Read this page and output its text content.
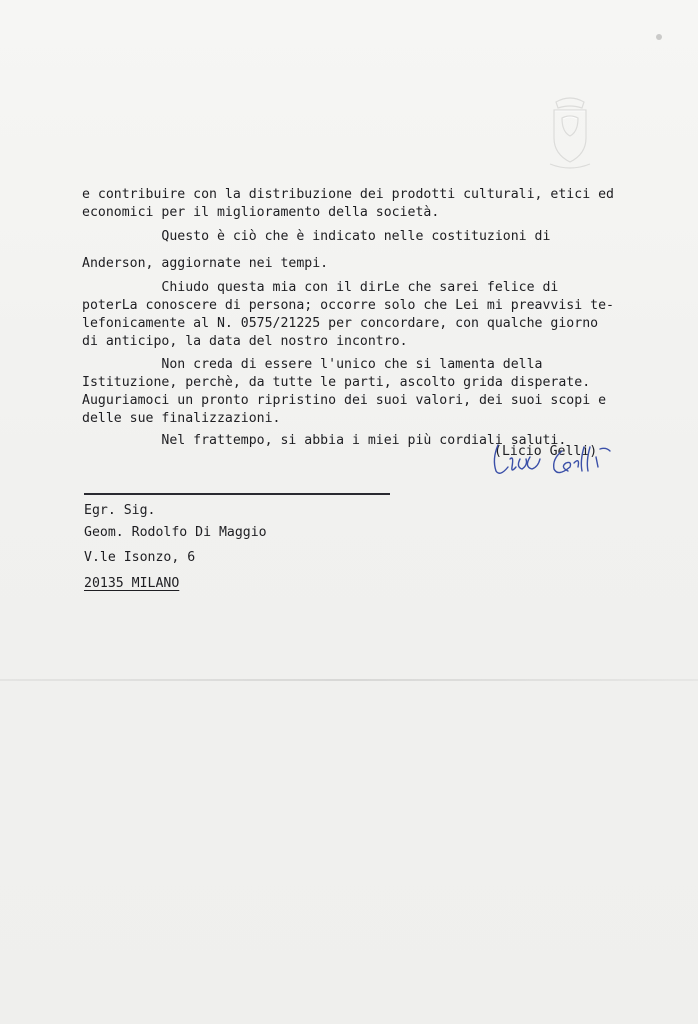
e contribuire con la distribuzione dei prodotti culturali, etici ed

economici per il miglioramento della società.

Questo è ciò che è indicato nelle costituzioni di

Anderson, aggiornate nei tempi.

Chiudo questa mia con il dirLe che sarei felice di

poterLa conoscere di persona; occorre solo che Lei mi preavvisi te-

lefonicamente al N. 0575/21225 per concordare, con qualche giorno

di anticipo, la data del nostro incontro.

Non creda di essere l'unico che si lamenta della

Istituzione, perchè, da tutte le parti, ascolto grida disperate.

Auguriamoci un pronto ripristino dei suoi valori, dei suoi scopi e

delle sue finalizzazioni.

Nel frattempo, si abbia i miei più cordiali saluti.

(Licio Gelli)
Egr. Sig.
Geom. Rodolfo Di Maggio
V.le Isonzo, 6
20135 MILANO
